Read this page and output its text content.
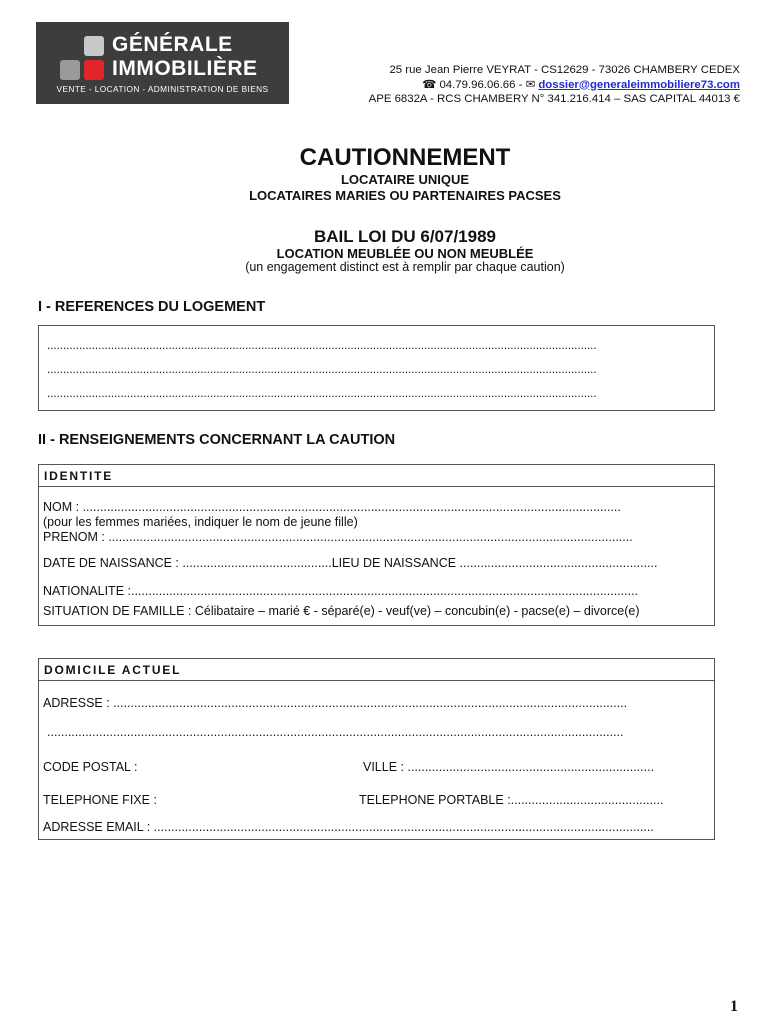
GÉNÉRALE
IMMOBILIÈRE
VENTE - LOCATION - ADMINISTRATION DE BIENS
25 rue Jean Pierre VEYRAT - CS12629 - 73026 CHAMBERY CEDEX
☎ 04.79.96.06.66 - ✉ dossier@generaleimmobiliere73.com
APE 6832A - RCS CHAMBERY N° 341.216.414 – SAS CAPITAL 44013 €
CAUTIONNEMENT
LOCATAIRE UNIQUE
LOCATAIRES MARIES OU PARTENAIRES PACSES
BAIL LOI DU 6/07/1989
LOCATION MEUBLÉE OU NON MEUBLÉE
(un engagement distinct est à remplir par chaque caution)
I - REFERENCES DU LOGEMENT
............................................................................................................................................................................
............................................................................................................................................................................
............................................................................................................................................................................
II - RENSEIGNEMENTS CONCERNANT LA CAUTION
IDENTITE
NOM : ...........................................................................................................................................................
(pour les femmes mariées, indiquer le nom de jeune fille)
PRENOM : .......................................................................................................................................................
DATE DE NAISSANCE : ...........................................LIEU DE NAISSANCE .........................................................
NATIONALITE :..................................................................................................................................................
SITUATION DE FAMILLE : Célibataire – marié € - séparé(e) - veuf(ve) – concubin(e) - pacse(e) – divorce(e)
DOMICILE ACTUEL
ADRESSE : ....................................................................................................................................................
......................................................................................................................................................................
CODE POSTAL :	VILLE : .......................................................................
TELEPHONE FIXE :	TELEPHONE PORTABLE :............................................
ADRESSE EMAIL : ................................................................................................................................................
1
